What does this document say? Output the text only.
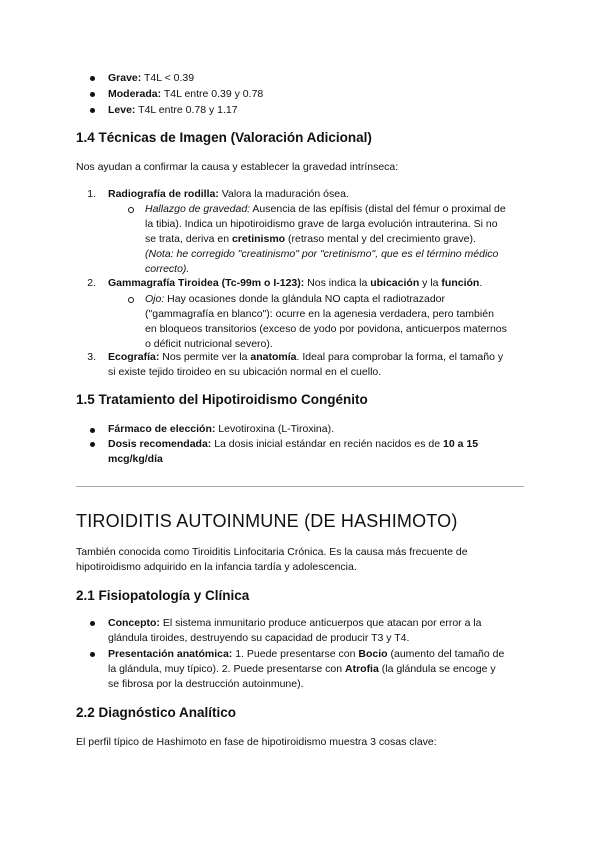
Grave: T4L < 0.39
Moderada: T4L entre 0.39 y 0.78
Leve: T4L entre 0.78 y 1.17
1.4 Técnicas de Imagen (Valoración Adicional)
Nos ayudan a confirmar la causa y establecer la gravedad intrínseca:
1. Radiografía de rodilla: Valora la maduración ósea.
Hallazgo de gravedad: Ausencia de las epífisis (distal del fémur o proximal de
la tibia). Indica un hipotiroidismo grave de larga evolución intrauterina. Si no
se trata, deriva en cretinismo (retraso mental y del crecimiento grave).
(Nota: he corregido "creatinismo" por "cretinismo", que es el término médico
correcto).
2. Gammagrafía Tiroidea (Tc-99m o I-123): Nos indica la ubicación y la función.
Ojo: Hay ocasiones donde la glándula NO capta el radiotrazador
("gammagrafía en blanco"): ocurre en la agenesia verdadera, pero también
en bloqueos transitorios (exceso de yodo por povidona, anticuerpos maternos
o déficit nutricional severo).
3. Ecografía: Nos permite ver la anatomía. Ideal para comprobar la forma, el tamaño y
si existe tejido tiroideo en su ubicación normal en el cuello.
1.5 Tratamiento del Hipotiroidismo Congénito
Fármaco de elección: Levotiroxina (L-Tiroxina).
Dosis recomendada: La dosis inicial estándar en recién nacidos es de 10 a 15
mcg/kg/día
TIROIDITIS AUTOINMUNE (DE HASHIMOTO)
También conocida como Tiroiditis Linfocitaria Crónica. Es la causa más frecuente de
hipotiroidismo adquirido en la infancia tardía y adolescencia.
2.1 Fisiopatología y Clínica
Concepto: El sistema inmunitario produce anticuerpos que atacan por error a la
glándula tiroides, destruyendo su capacidad de producir T3 y T4.
Presentación anatómica: 1. Puede presentarse con Bocio (aumento del tamaño de
la glándula, muy típico). 2. Puede presentarse con Atrofia (la glándula se encoge y
se fibrosa por la destrucción autoinmune).
2.2 Diagnóstico Analítico
El perfil típico de Hashimoto en fase de hipotiroidismo muestra 3 cosas clave:
